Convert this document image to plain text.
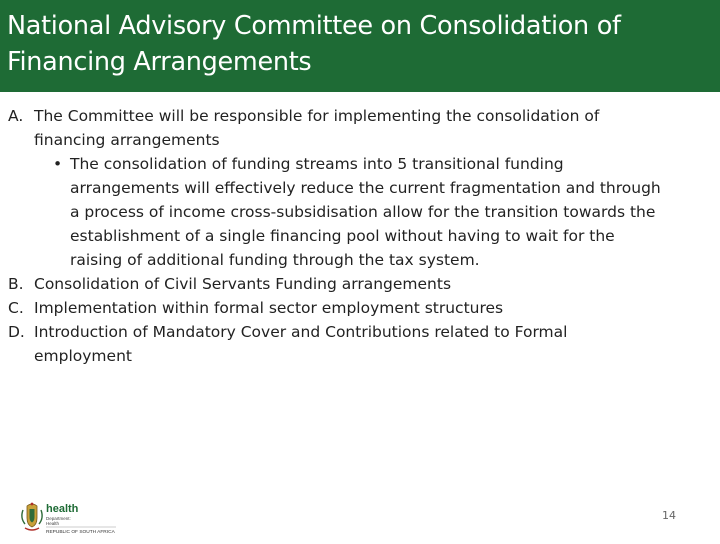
National Advisory Committee on Consolidation of
Financing Arrangements
A. The Committee will be responsible for implementing the consolidation of
financing arrangements
• The consolidation of funding streams into 5 transitional funding
arrangements will effectively reduce the current fragmentation and through
a process of income cross-subsidisation allow for the transition towards the
establishment of a single financing pool without having to wait for the
raising of additional funding through the tax system.
B. Consolidation of Civil Servants Funding arrangements
C. Implementation within formal sector employment structures
D. Introduction of Mandatory Cover and Contributions related to Formal
employment
health
Department:
Health
REPUBLIC OF SOUTH AFRICA
14
